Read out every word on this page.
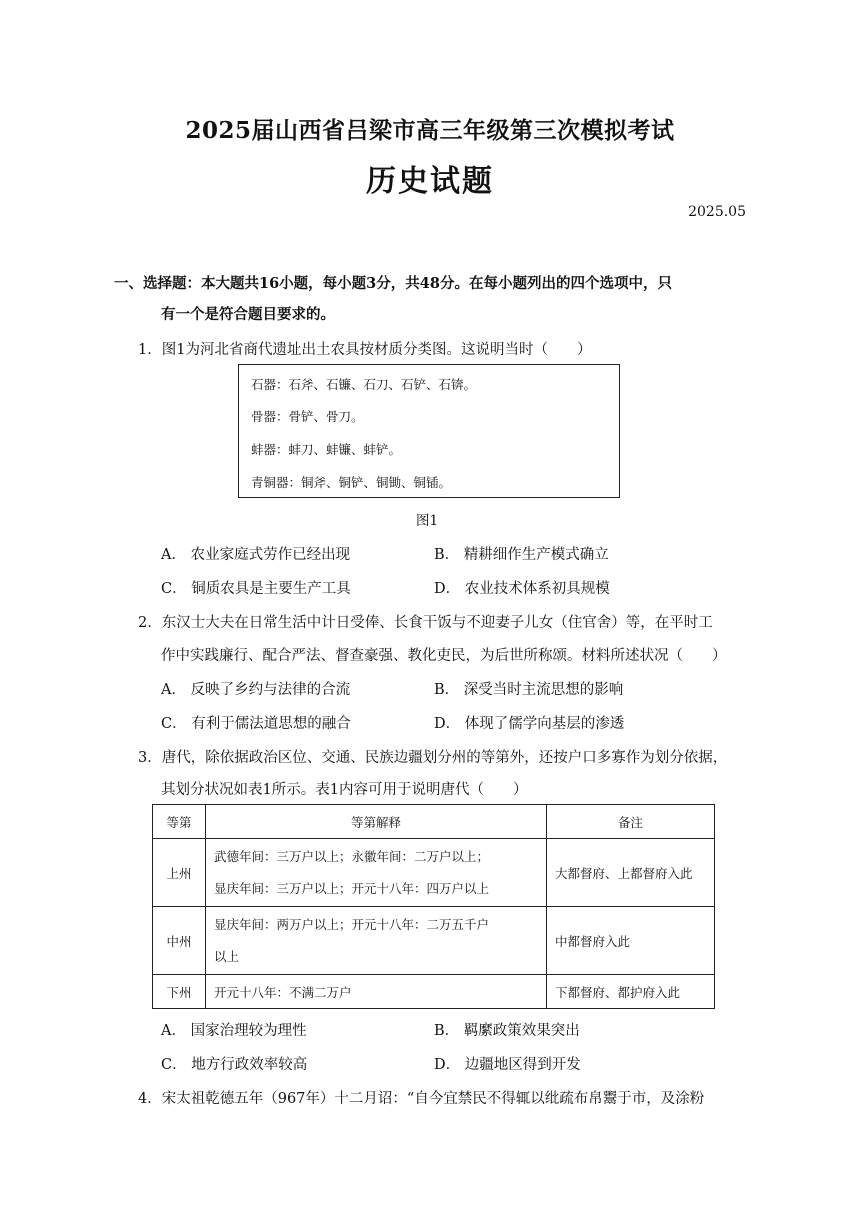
2025届山西省吕梁市高三年级第三次模拟考试
历史试题
2025.05
一、选择题：本大题共16小题，每小题3分，共48分。在每小题列出的四个选项中，只
有一个是符合题目要求的。
1．图1为河北省商代遗址出土农具按材质分类图。这说明当时（　　）
石器：石斧、石镰、石刀、石铲、石锛。
骨器：骨铲、骨刀。
蚌器：蚌刀、蚌镰、蚌铲。
青铜器：铜斧、铜铲、铜锄、铜锸。
图1
A． 农业家庭式劳作已经出现	B． 精耕细作生产模式确立
C． 铜质农具是主要生产工具	D． 农业技术体系初具规模
2．东汉士大夫在日常生活中计日受俸、长食干饭与不迎妻子儿女（住官舍）等，在平时工
作中实践廉行、配合严法、督查豪强、教化吏民，为后世所称颂。材料所述状况（　　）
A． 反映了乡约与法律的合流	B． 深受当时主流思想的影响
C． 有利于儒法道思想的融合	D． 体现了儒学向基层的渗透
3．唐代，除依据政治区位、交通、民族边疆划分州的等第外，还按户口多寡作为划分依据，
其划分状况如表1所示。表1内容可用于说明唐代（　　）
等第	等第解释	备注
上州	武德年间：三万户以上；永徽年间：二万户以上；
显庆年间：三万户以上；开元十八年：四万户以上	大都督府、上都督府入此
中州	显庆年间：两万户以上；开元十八年：二万五千户
以上	中都督府入此
下州	开元十八年：不满二万户	下都督府、都护府入此
A． 国家治理较为理性	B． 羁縻政策效果突出
C． 地方行政效率较高	D． 边疆地区得到开发
4．宋太祖乾德五年（967年）十二月诏：“自今宜禁民不得辄以纰疏布帛鬻于市，及涂粉
